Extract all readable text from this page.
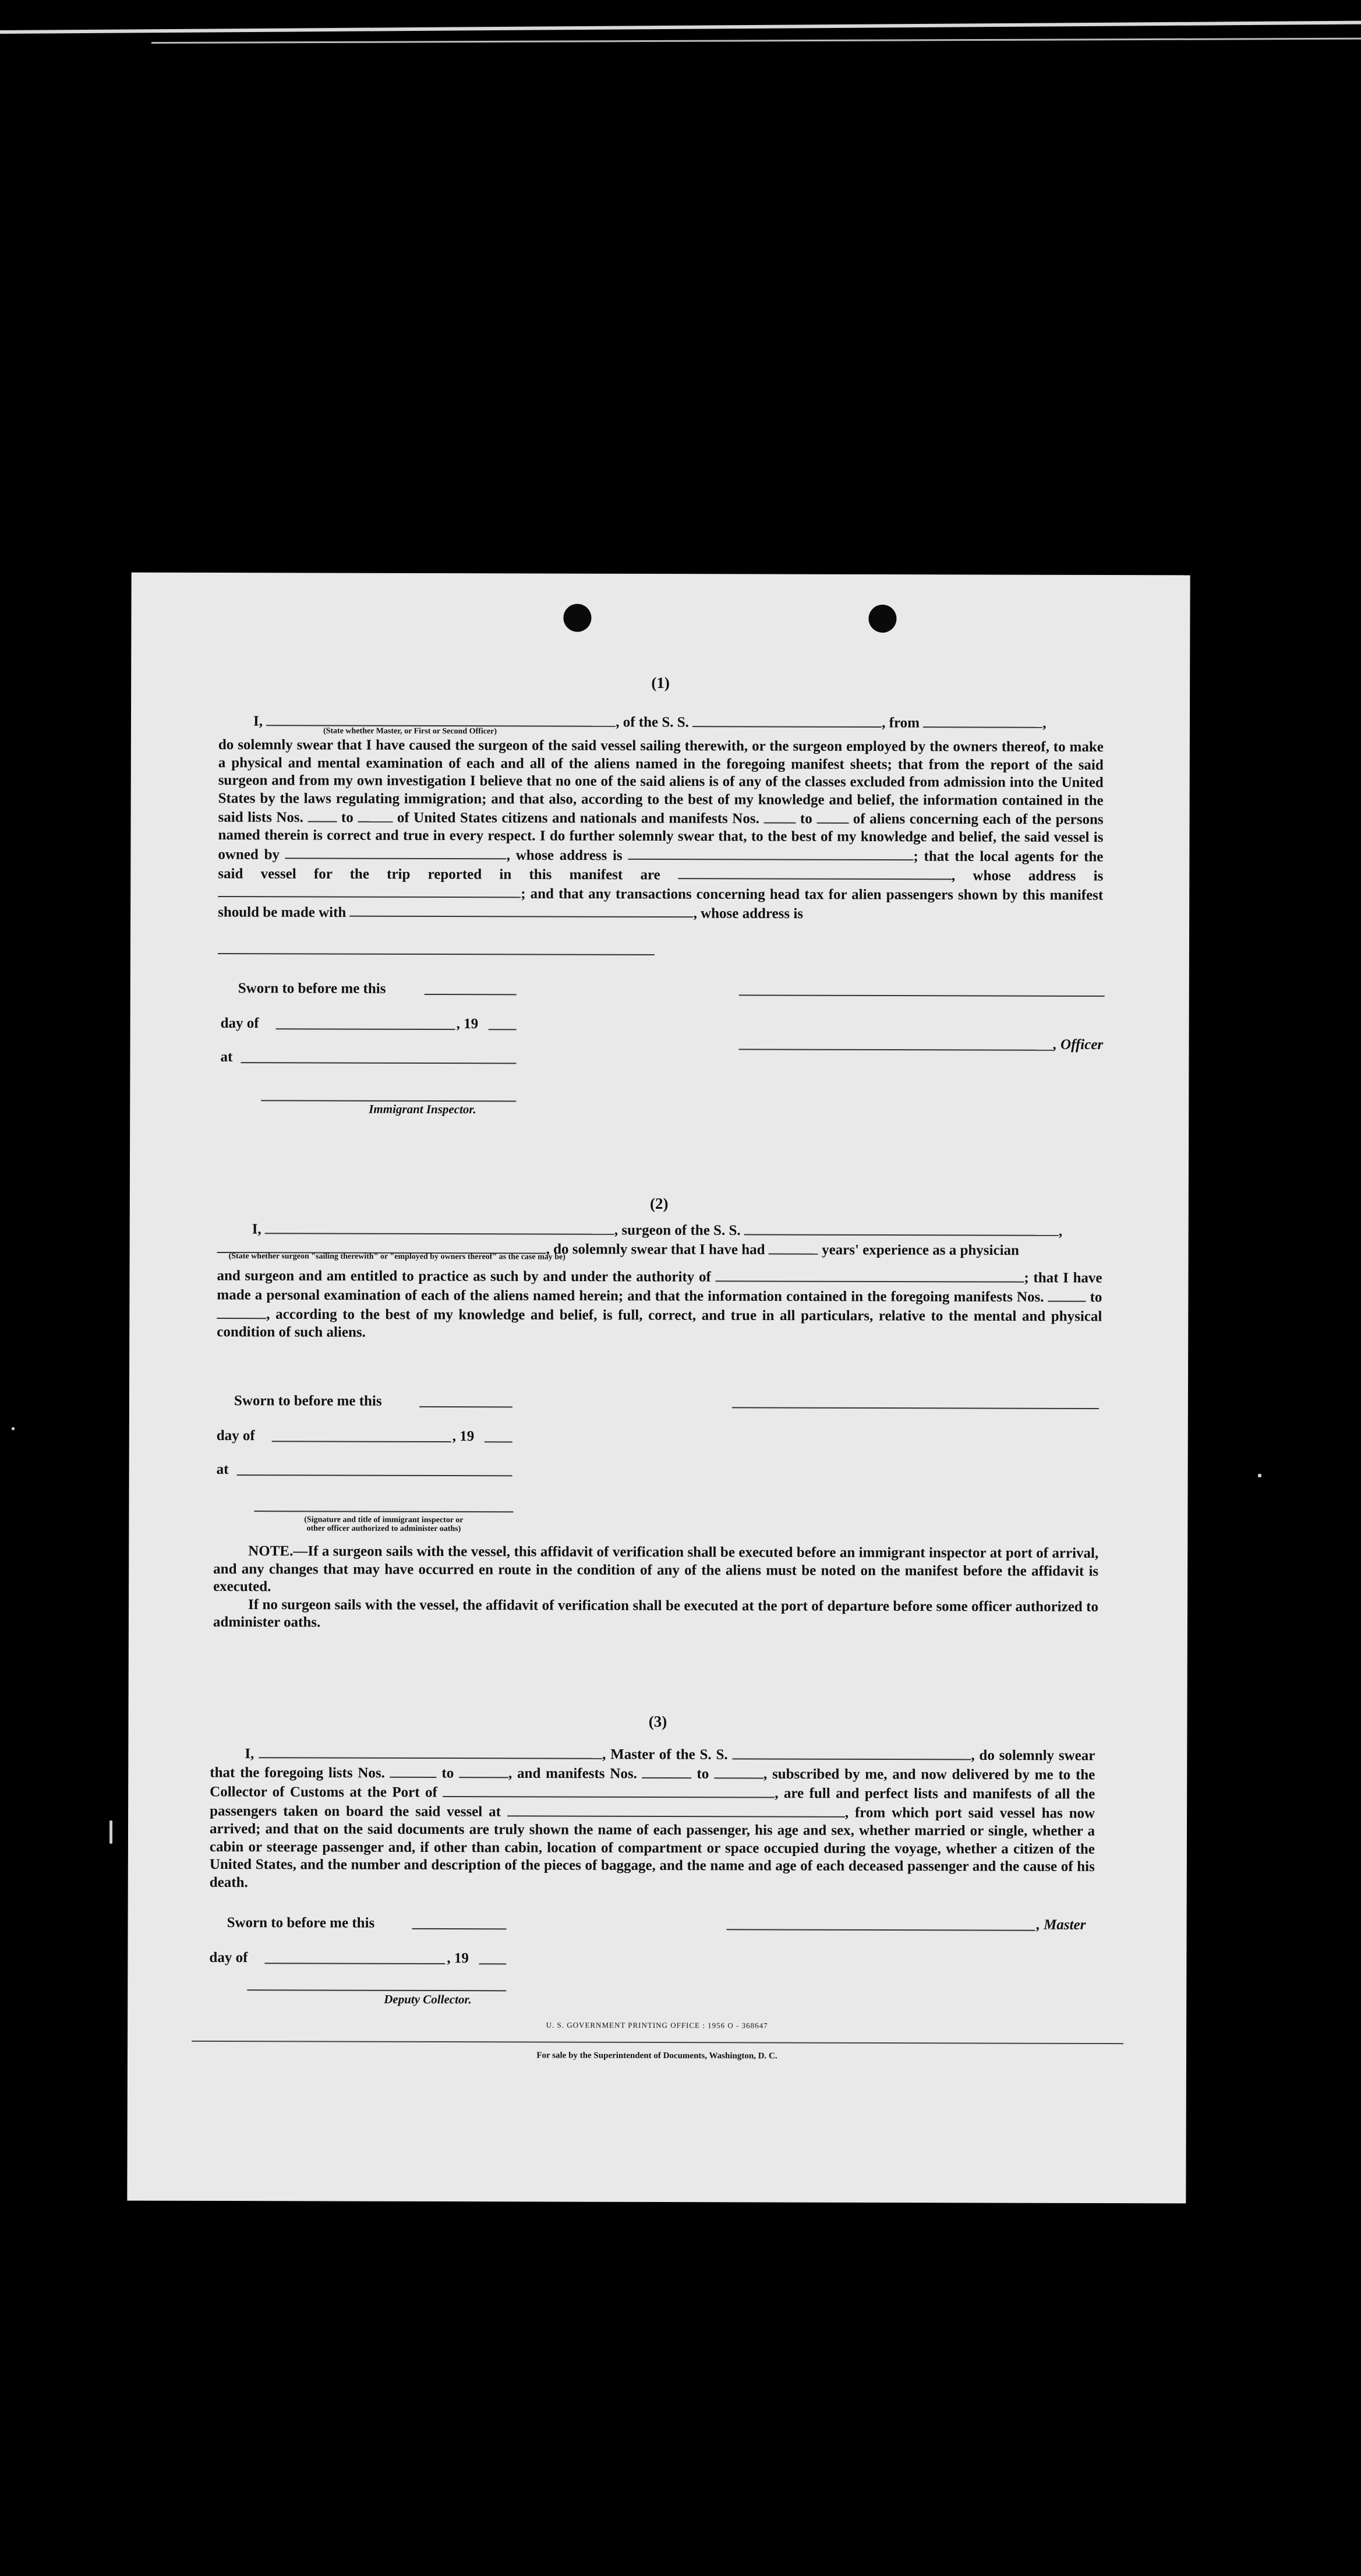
(1)
I,	, of the S. S.	, from	,
(State whether Master, or First or Second Officer)
do solemnly swear that I have caused the surgeon of the said vessel sailing therewith, or the surgeon employed by the owners thereof, to make a physical and mental examination of each and all of the aliens named in the foregoing manifest sheets; that from the report of the said surgeon and from my own investigation I believe that no one of the said aliens is of any of the classes excluded from admission into the United States by the laws regulating immigration; and that also, according to the best of my knowledge and belief, the information contained in the said lists Nos.	to	of United States citizens and nationals and manifests Nos.	to	of aliens concerning each of the persons named therein is correct and true in every respect. I do further solemnly swear that, to the best of my knowledge and belief, the said vessel is owned by	, whose address is	; that the local agents for the said vessel for the trip reported in this manifest are	, whose address is ; and that any transactions concerning head tax for alien passengers shown by this manifest should be made with	, whose address is
Sworn to before me this
day of	, 19
at
Immigrant Inspector.
, Officer
(2)
I,	, surgeon of the S. S.	,
, do solemnly swear that I have had	years' experience as a physician
(State whether surgeon "sailing therewith" or "employed by owners thereof" as the case may be)
and surgeon and am entitled to practice as such by and under the authority of	; that I have made a personal examination of each of the aliens named herein; and that the information contained in the foregoing manifests Nos.	to , according to the best of my knowledge and belief, is full, correct, and true in all particulars, relative to the mental and physical condition of such aliens.
Sworn to before me this
day of	, 19
at
(Signature and title of immigrant inspector or
other officer authorized to administer oaths)
NOTE.—If a surgeon sails with the vessel, this affidavit of verification shall be executed before an immigrant inspector at port of arrival, and any changes that may have occurred en route in the condition of any of the aliens must be noted on the manifest before the affidavit is executed.
If no surgeon sails with the vessel, the affidavit of verification shall be executed at the port of departure before some officer authorized to administer oaths.
(3)
I,	, Master of the S. S.	, do solemnly swear that the foregoing lists Nos.	to	, and manifests Nos.	to	, subscribed by me, and now delivered by me to the Collector of Customs at the Port of	, are full and perfect lists and manifests of all the passengers taken on board the said vessel at	, from which port said vessel has now arrived; and that on the said documents are truly shown the name of each passenger, his age and sex, whether married or single, whether a cabin or steerage passenger and, if other than cabin, location of compartment or space occupied during the voyage, whether a citizen of the United States, and the number and description of the pieces of baggage, and the name and age of each deceased passenger and the cause of his death.
Sworn to before me this
day of	, 19
Deputy Collector.
, Master
U. S. GOVERNMENT PRINTING OFFICE : 1956 O - 368647
For sale by the Superintendent of Documents, Washington, D. C.
